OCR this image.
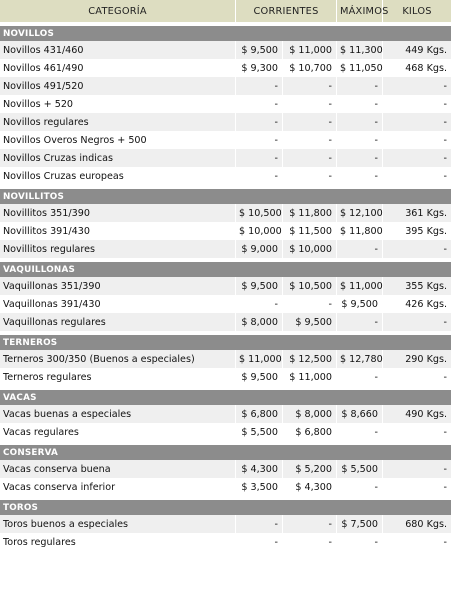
CATEGORÍA	CORRIENTES		MÁXIMOS	KILOS

NOVILLOS				
Novillos 431/460	$ 9,500	$ 11,000	$ 11,300	449 Kgs.
Novillos 461/490	$ 9,300	$ 10,700	$ 11,050	468 Kgs.
Novillos 491/520	-	-	-	-
Novillos + 520	-	-	-	-
Novillos regulares	-	-	-	-
Novillos Overos Negros + 500	-	-	-	-
Novillos Cruzas indicas	-	-	-	-
Novillos Cruzas europeas	-	-	-	-

NOVILLITOS				
Novillitos 351/390	$ 10,500	$ 11,800	$ 12,100	361 Kgs.
Novillitos 391/430	$ 10,000	$ 11,500	$ 11,800	395 Kgs.
Novillitos regulares	$ 9,000	$ 10,000	-	-

VAQUILLONAS				
Vaquillonas 351/390	$ 9,500	$ 10,500	$ 11,000	355 Kgs.
Vaquillonas 391/430	-	-	$ 9,500	426 Kgs.
Vaquillonas regulares	$ 8,000	$ 9,500	-	-

TERNEROS				
Terneros 300/350 (Buenos a especiales)	$ 11,000	$ 12,500	$ 12,780	290 Kgs.
Terneros regulares	$ 9,500	$ 11,000	-	-

VACAS				
Vacas buenas a especiales	$ 6,800	$ 8,000	$ 8,660	490 Kgs.
Vacas regulares	$ 5,500	$ 6,800	-	-

CONSERVA				
Vacas conserva buena	$ 4,300	$ 5,200	$ 5,500	-
Vacas conserva inferior	$ 3,500	$ 4,300	-	-

TOROS				
Toros buenos a especiales	-	-	$ 7,500	680 Kgs.
Toros regulares	-	-	-	-
